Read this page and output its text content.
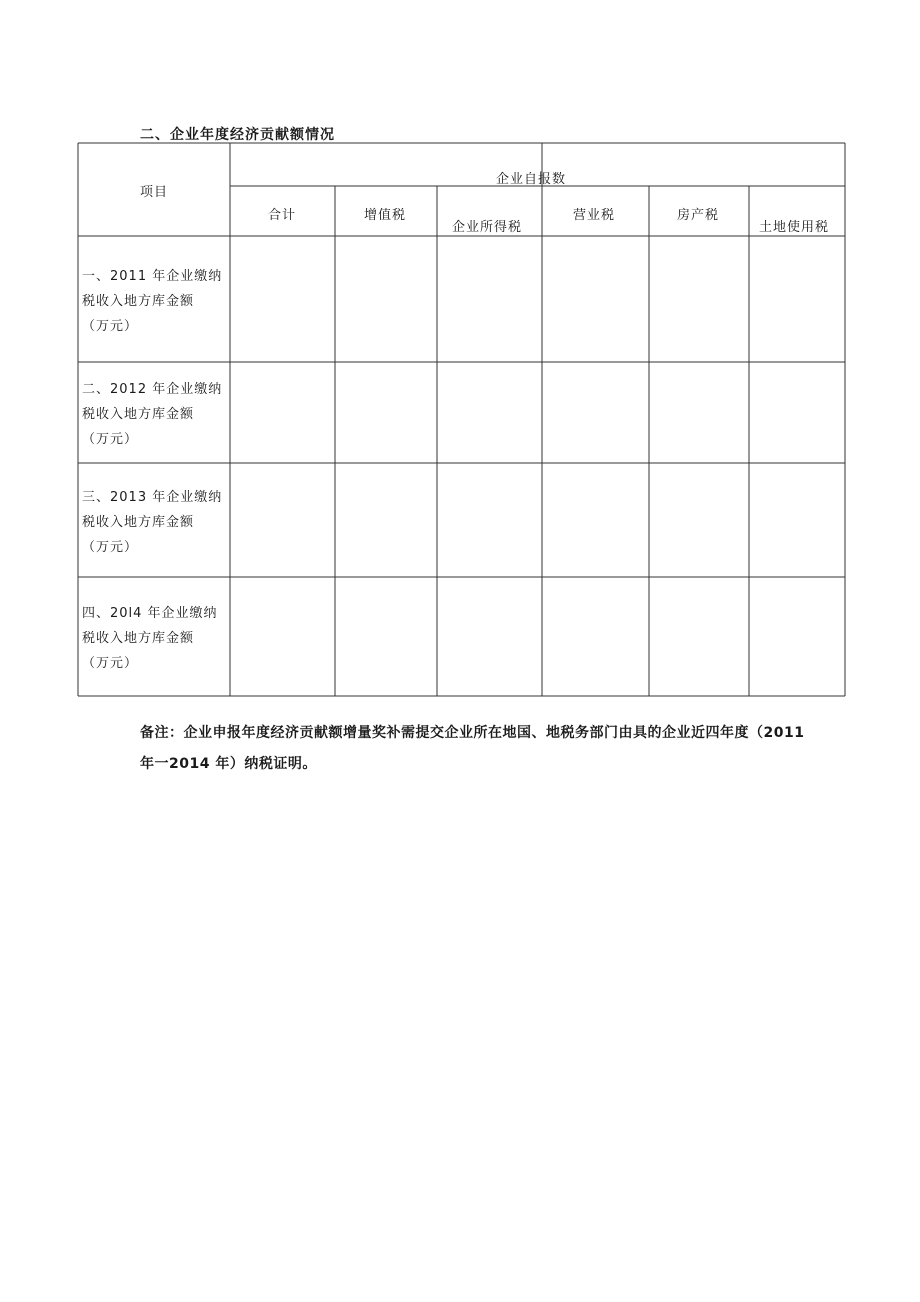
二、企业年度经济贡献额情况
项目
企业自报数
合计	增值税
企业所得税
营业税	房产税
土地使用税
一、2011 年企业缴纳
税收入地方库金额
（万元）
二、2012 年企业缴纳
税收入地方库金额
（万元）
三、2013 年企业缴纳
税收入地方库金额
（万元）
四、20l4 年企业缴纳
税收入地方库金额
（万元）
备注：企业申报年度经济贡献额增量奖补需提交企业所在地国、地税务部门由具的企业近四年度（2011
年一2014 年）纳税证明。
